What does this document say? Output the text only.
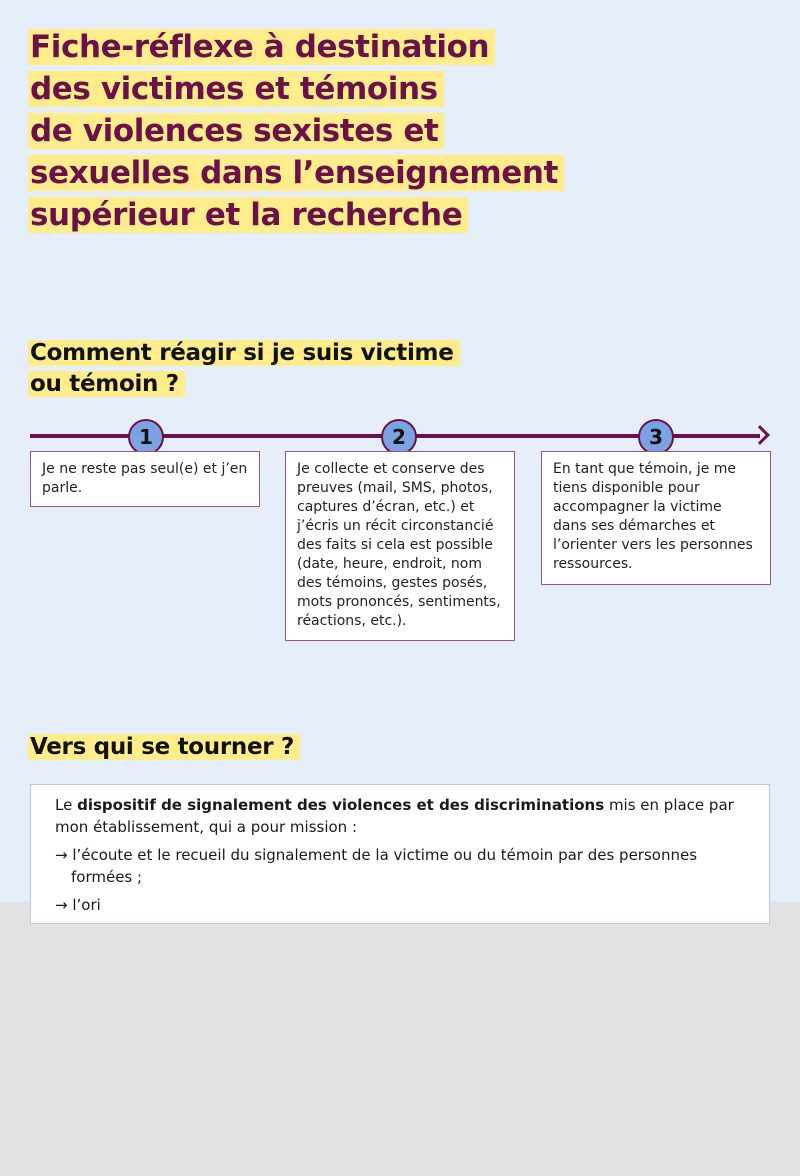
Fiche-réflexe à destination
des victimes et témoins
de violences sexistes et
sexuelles dans l’enseignement
supérieur et la recherche
Comment réagir si je suis victime
ou témoin ?
1	2	3
Je ne reste pas seul(e) et j’en parle.
Je collecte et conserve des preuves (mail, SMS, photos, captures d’écran, etc.) et j’écris un récit circonstancié des faits si cela est possible (date, heure, endroit, nom des témoins, gestes posés, mots prononcés, sentiments, réactions, etc.).
En tant que témoin, je me tiens disponible pour accompagner la victime dans ses démarches et l’orienter vers les personnes ressources.
Vers qui se tourner ?

Le dispositif de signalement des violences et des discriminations mis en place par mon établissement, qui a pour mission :

→ l’écoute et le recueil du signalement de la victime ou du témoin par des personnes formées ;

→ l’ori
